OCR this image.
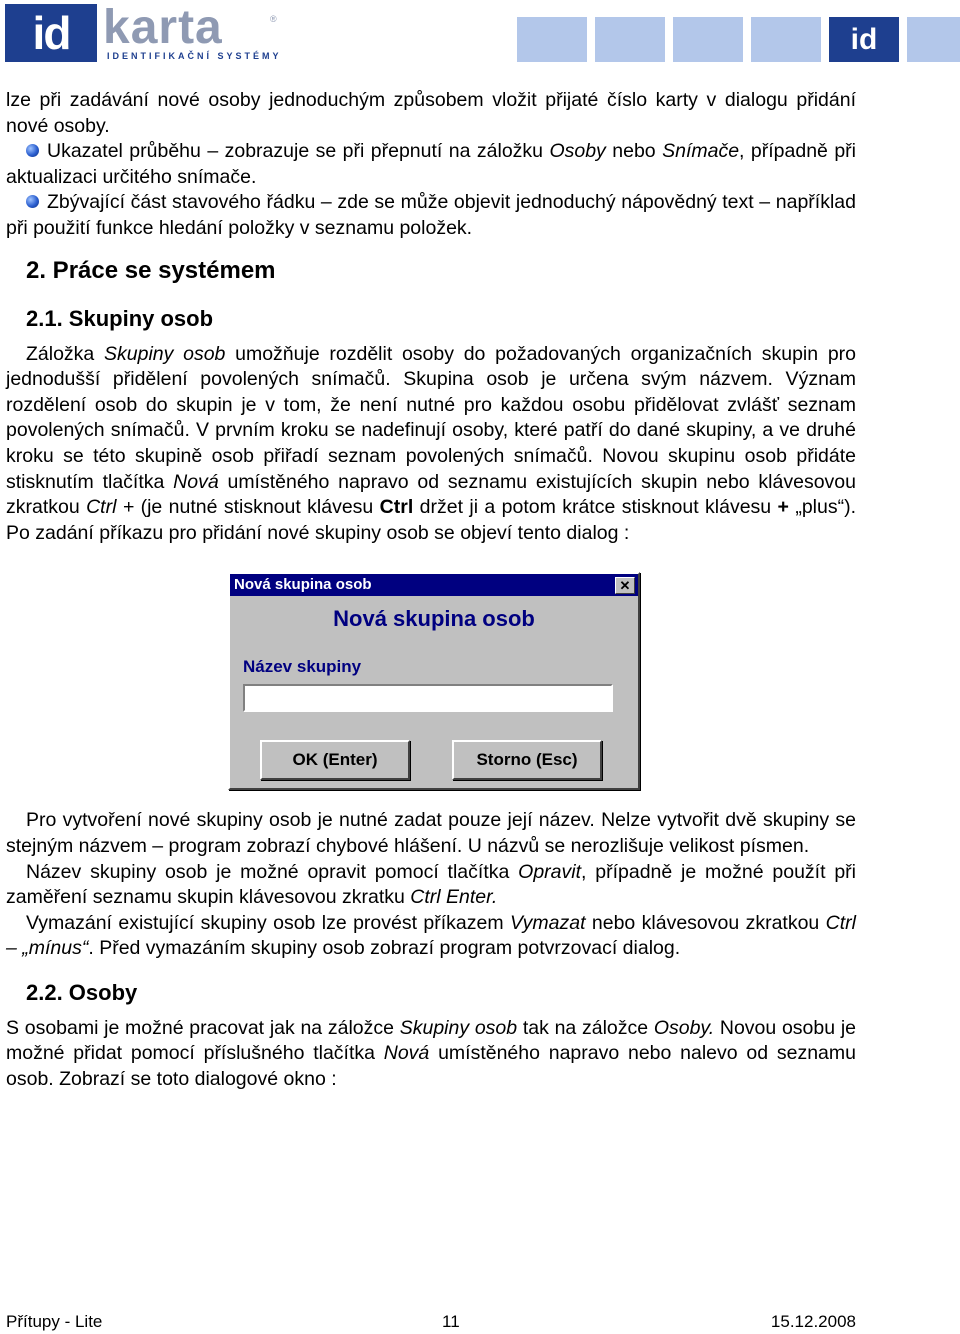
id karta	®
IDENTIFIKAČNÍ SYSTÉMY	id

lze při zadávání nové osoby jednoduchým způsobem vložit přijaté číslo karty v dialogu přidání nové osoby.

Ukazatel průběhu – zobrazuje se při přepnutí na záložku Osoby nebo Snímače, případně při aktualizaci určitého snímače.

Zbývající část stavového řádku – zde se může objevit jednoduchý nápovědný text – například při použití funkce hledání položky v seznamu položek.

2. Práce se systémem
2.1. Skupiny osob

Záložka Skupiny osob umožňuje rozdělit osoby do požadovaných organizačních skupin pro jednodušší přidělení povolených snímačů. Skupina osob je určena svým názvem. Význam rozdělení osob do skupin je v tom, že není nutné pro každou osobu přidělovat zvlášť seznam povolených snímačů. V prvním kroku se nadefinují osoby, které patří do dané skupiny, a ve druhé kroku se této skupině osob přiřadí seznam povolených snímačů. Novou skupinu osob přidáte stisknutím tlačítka Nová umístěného napravo od seznamu existujících skupin nebo klávesovou zkratkou Ctrl + (je nutné stisknout klávesu Ctrl držet ji a potom krátce stisknout klávesu + „plus“). Po zadání příkazu pro přidání nové skupiny osob se objeví tento dialog :

Nová skupina osob	✕
Nová skupina osob
Název skupiny
OK (Enter)	Storno (Esc)

Pro vytvoření nové skupiny osob je nutné zadat pouze její název. Nelze vytvořit dvě skupiny se stejným názvem – program zobrazí chybové hlášení. U názvů se nerozlišuje velikost písmen.

Název skupiny osob je možné opravit pomocí tlačítka Opravit, případně je možné použít při zaměření seznamu skupin klávesovou zkratku Ctrl Enter.

Vymazání existující skupiny osob lze provést příkazem Vymazat nebo klávesovou zkratkou Ctrl – „mínus“. Před vymazáním skupiny osob zobrazí program potvrzovací dialog.

2.2. Osoby

S osobami je možné pracovat jak na záložce Skupiny osob tak na záložce Osoby. Novou osobu je možné přidat pomocí příslušného tlačítka Nová umístěného napravo nebo nalevo od seznamu osob. Zobrazí se toto dialogové okno :

Přítupy - Lite	11	15.12.2008
